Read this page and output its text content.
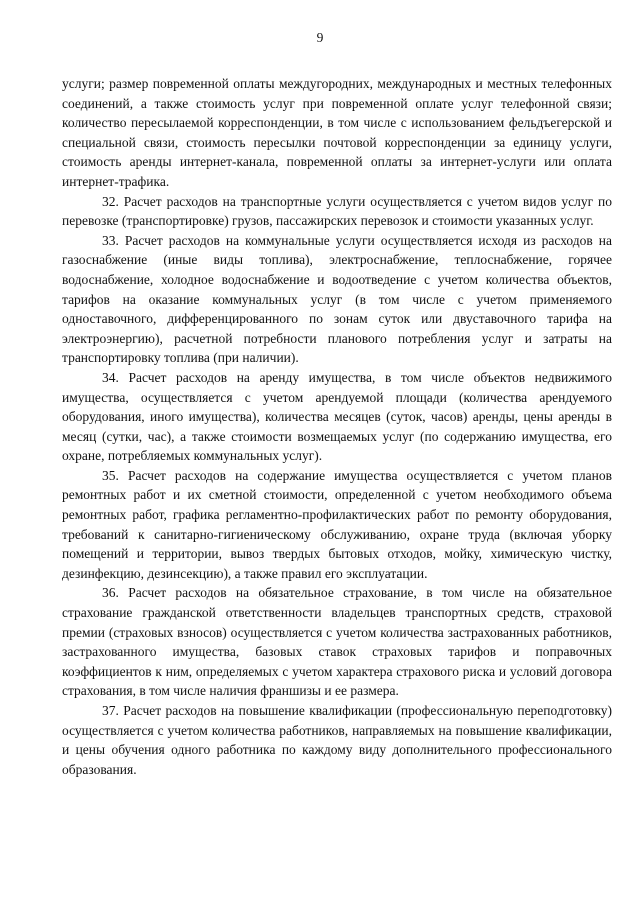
9

услуги; размер повременной оплаты междугородних, международных и местных телефонных соединений, а также стоимость услуг при повременной оплате услуг телефонной связи; количество пересылаемой корреспонденции, в том числе с использованием фельдъегерской и специальной связи, стоимость пересылки почтовой корреспонденции за единицу услуги, стоимость аренды интернет-канала, повременной оплаты за интернет-услуги или оплата интернет-трафика.

32. Расчет расходов на транспортные услуги осуществляется с учетом видов услуг по перевозке (транспортировке) грузов, пассажирских перевозок и стоимости указанных услуг.

33. Расчет расходов на коммунальные услуги осуществляется исходя из расходов на газоснабжение (иные виды топлива), электроснабжение, теплоснабжение, горячее водоснабжение, холодное водоснабжение и водоотведение с учетом количества объектов, тарифов на оказание коммунальных услуг (в том числе с учетом применяемого одноставочного, дифференцированного по зонам суток или двуставочного тарифа на электроэнергию), расчетной потребности планового потребления услуг и затраты на транспортировку топлива (при наличии).

34. Расчет расходов на аренду имущества, в том числе объектов недвижимого имущества, осуществляется с учетом арендуемой площади (количества арендуемого оборудования, иного имущества), количества месяцев (суток, часов) аренды, цены аренды в месяц (сутки, час), а также стоимости возмещаемых услуг (по содержанию имущества, его охране, потребляемых коммунальных услуг).

35. Расчет расходов на содержание имущества осуществляется с учетом планов ремонтных работ и их сметной стоимости, определенной с учетом необходимого объема ремонтных работ, графика регламентно-профилактических работ по ремонту оборудования, требований к санитарно-гигиеническому обслуживанию, охране труда (включая уборку помещений и территории, вывоз твердых бытовых отходов, мойку, химическую чистку, дезинфекцию, дезинсекцию), а также правил его эксплуатации.

36. Расчет расходов на обязательное страхование, в том числе на обязательное страхование гражданской ответственности владельцев транспортных средств, страховой премии (страховых взносов) осуществляется с учетом количества застрахованных работников, застрахованного имущества, базовых ставок страховых тарифов и поправочных коэффициентов к ним, определяемых с учетом характера страхового риска и условий договора страхования, в том числе наличия франшизы и ее размера.

37. Расчет расходов на повышение квалификации (профессиональную переподготовку) осуществляется с учетом количества работников, направляемых на повышение квалификации, и цены обучения одного работника по каждому виду дополнительного профессионального образования.
